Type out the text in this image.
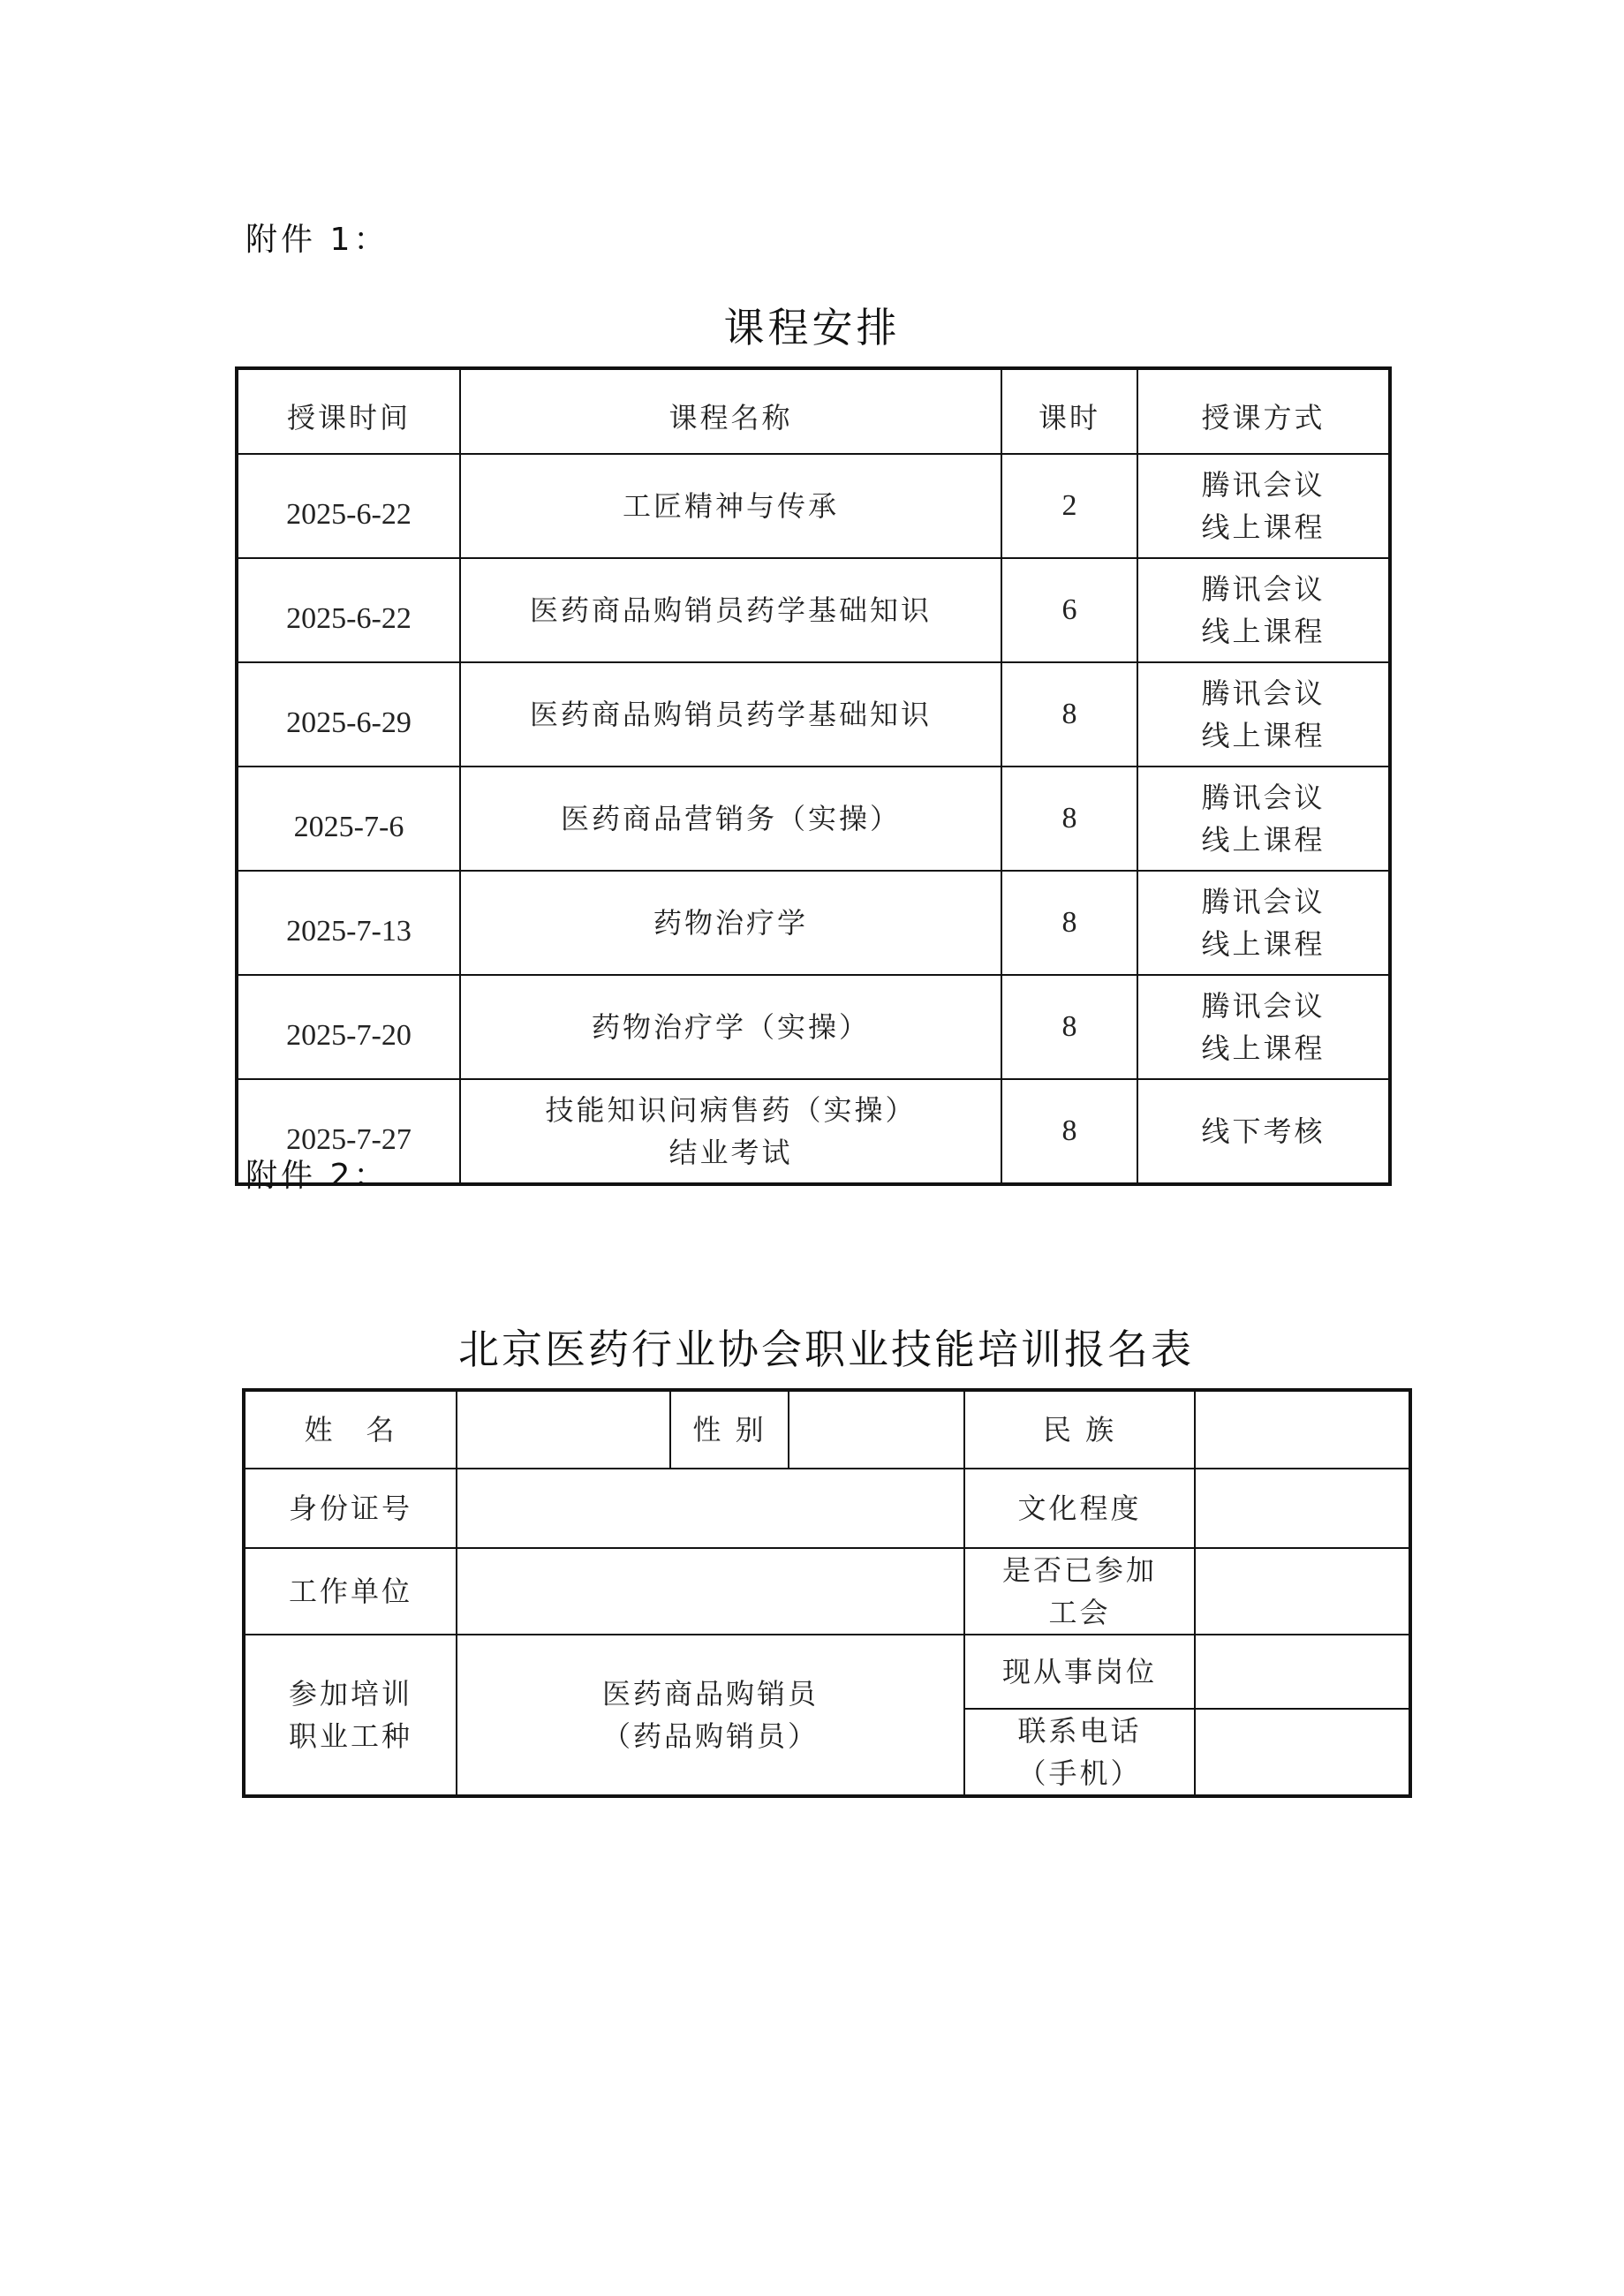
附件 1：
课程安排
授课时间	课程名称	课时	授课方式
2025-6-22	工匠精神与传承	2	腾讯会议
线上课程

2025-6-22	医药商品购销员药学基础知识	6	腾讯会议
线上课程

2025-6-29	医药商品购销员药学基础知识	8	腾讯会议
线上课程

2025-7-6	医药商品营销务（实操）	8	腾讯会议
线上课程

2025-7-13	药物治疗学	8	腾讯会议
线上课程

2025-7-20	药物治疗学（实操）	8	腾讯会议
线上课程

2025-7-27	技能知识问病售药（实操）
结业考试	8	线下考核
附件 2：
北京医药行业协会职业技能培训报名表
姓　名		性 别		民 族	
身份证号				文化程度	
工作单位				是否已参加
工会	

参加培训
职业工种	医药商品购销员
（药品购销员）			现从事岗位	

				联系电话
（手机）	
